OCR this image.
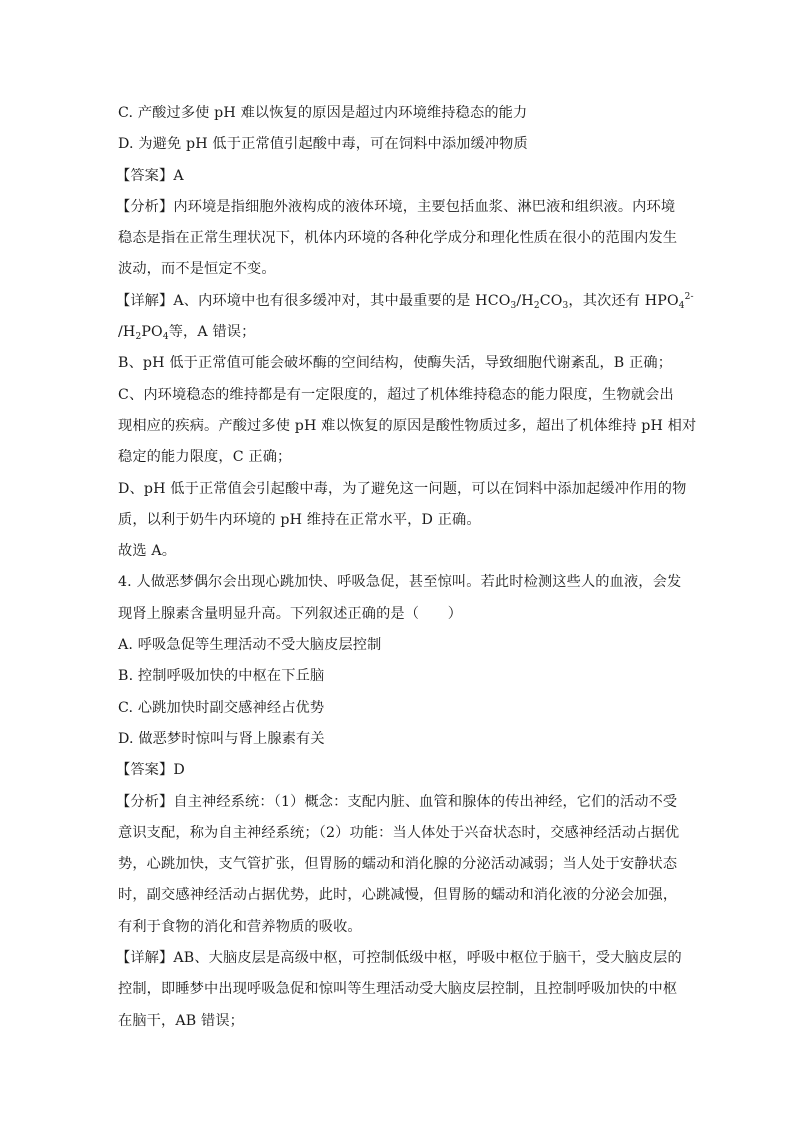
C. 产酸过多使 pH 难以恢复的原因是超过内环境维持稳态的能力
D. 为避免 pH 低于正常值引起酸中毒，可在饲料中添加缓冲物质
【答案】A
【分析】内环境是指细胞外液构成的液体环境，主要包括血浆、淋巴液和组织液。内环境
稳态是指在正常生理状况下，机体内环境的各种化学成分和理化性质在很小的范围内发生
波动，而不是恒定不变。
【详解】A、内环境中也有很多缓冲对，其中最重要的是 $HCO_3/H_2CO_3$，其次还有 $HPO_4^{2-}$
$/H_2PO_4$等，A 错误；
B、pH 低于正常值可能会破坏酶的空间结构，使酶失活，导致细胞代谢紊乱，B 正确；
C、内环境稳态的维持都是有一定限度的，超过了机体维持稳态的能力限度，生物就会出
现相应的疾病。产酸过多使 pH 难以恢复的原因是酸性物质过多，超出了机体维持 pH 相对
稳定的能力限度，C 正确；
D、pH 低于正常值会引起酸中毒，为了避免这一问题，可以在饲料中添加起缓冲作用的物
质，以利于奶牛内环境的 pH 维持在正常水平，D 正确。
故选 A。
4. 人做恶梦偶尔会出现心跳加快、呼吸急促，甚至惊叫。若此时检测这些人的血液，会发
现肾上腺素含量明显升高。下列叙述正确的是（　　）
A. 呼吸急促等生理活动不受大脑皮层控制
B. 控制呼吸加快的中枢在下丘脑
C. 心跳加快时副交感神经占优势
D. 做恶梦时惊叫与肾上腺素有关
【答案】D
【分析】自主神经系统：（1）概念：支配内脏、血管和腺体的传出神经，它们的活动不受
意识支配，称为自主神经系统；（2）功能：当人体处于兴奋状态时，交感神经活动占据优
势，心跳加快，支气管扩张，但胃肠的蠕动和消化腺的分泌活动减弱；当人处于安静状态
时，副交感神经活动占据优势，此时，心跳减慢，但胃肠的蠕动和消化液的分泌会加强，
有利于食物的消化和营养物质的吸收。
【详解】AB、大脑皮层是高级中枢，可控制低级中枢，呼吸中枢位于脑干，受大脑皮层的
控制，即睡梦中出现呼吸急促和惊叫等生理活动受大脑皮层控制，且控制呼吸加快的中枢
在脑干，AB 错误；
